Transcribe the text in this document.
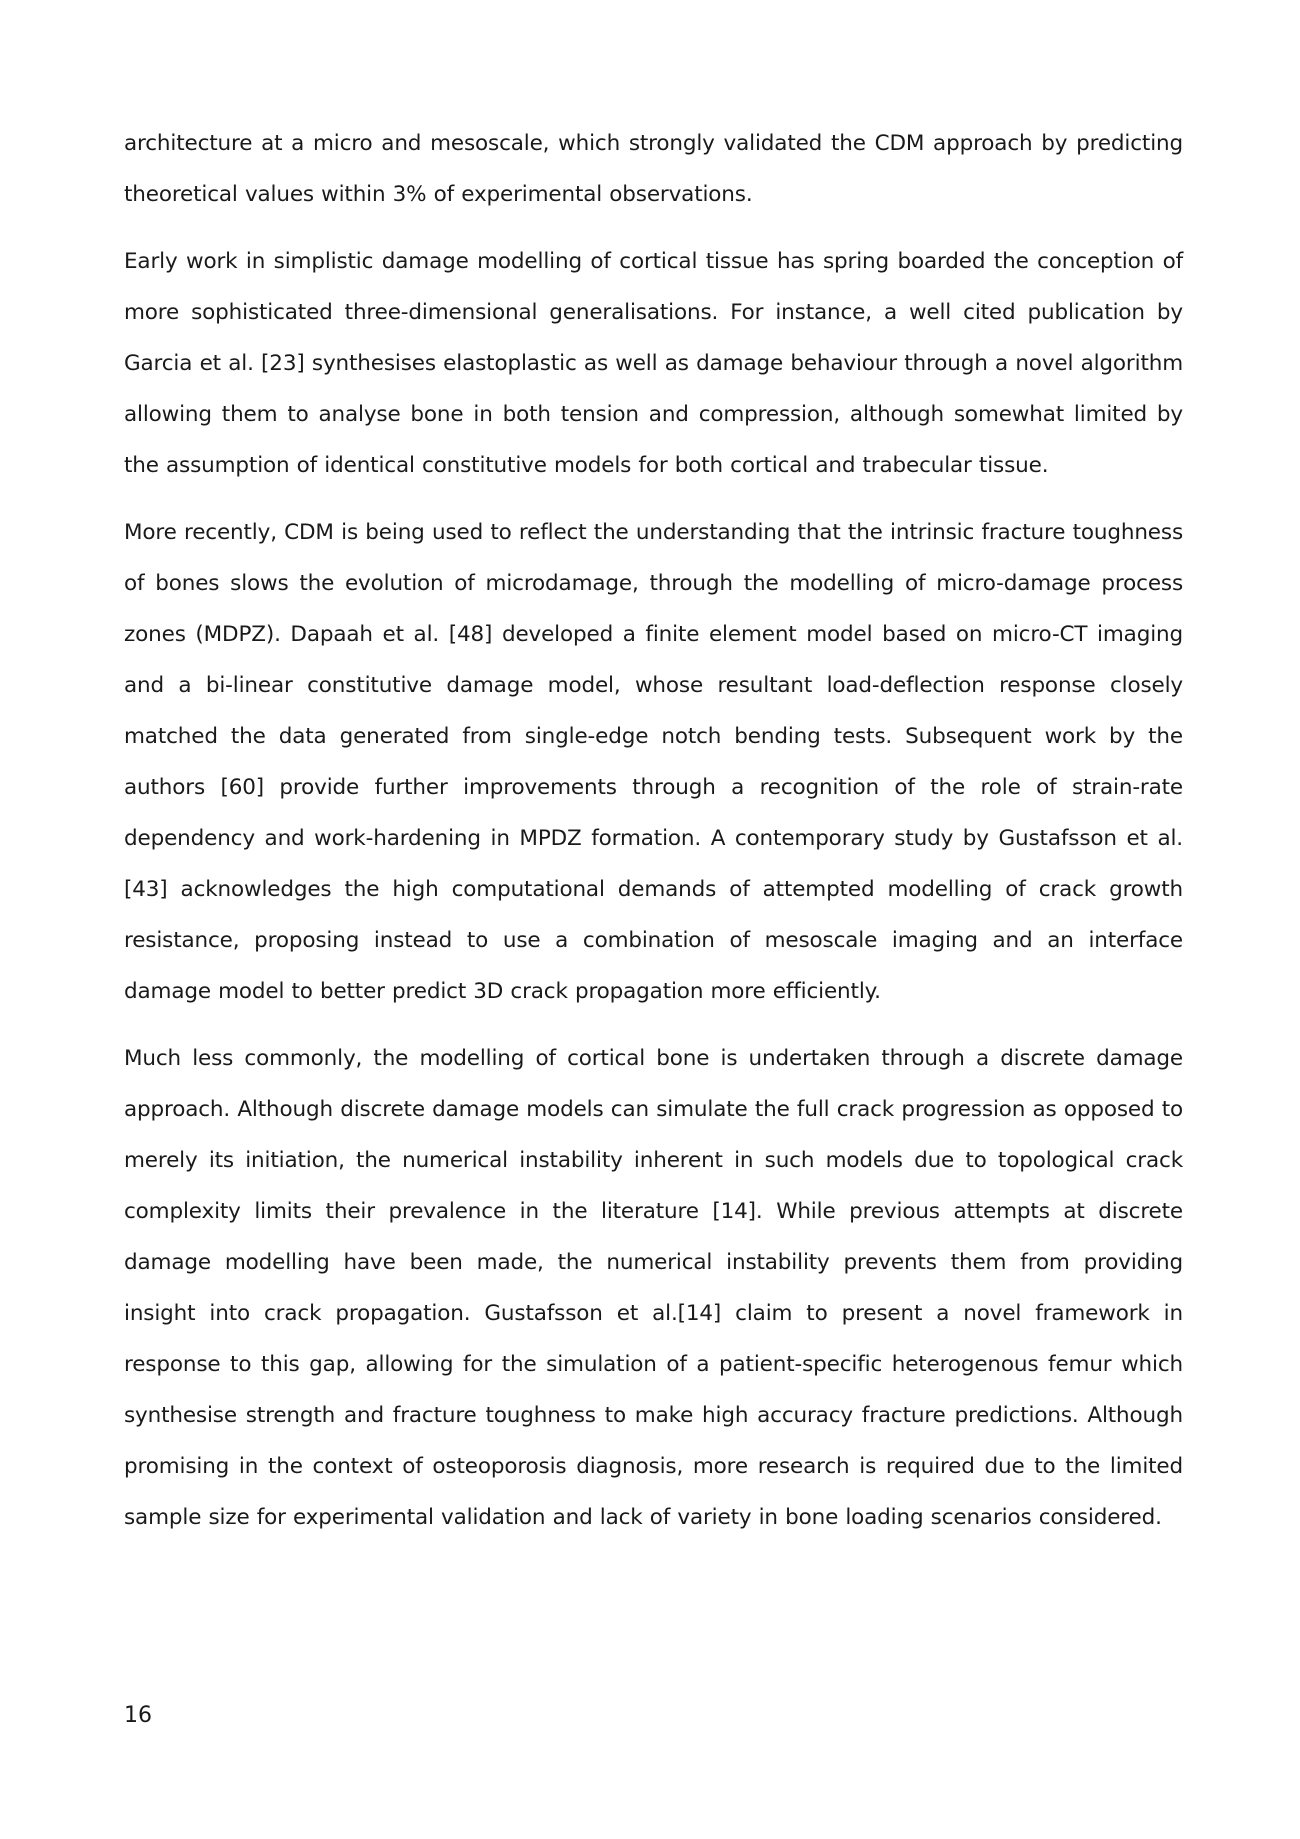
architecture at a micro and mesoscale, which strongly validated the CDM approach by predicting theoretical values within 3% of experimental observations.

Early work in simplistic damage modelling of cortical tissue has spring boarded the conception of more sophisticated three-dimensional generalisations. For instance, a well cited publication by Garcia et al. [23] synthesises elastoplastic as well as damage behaviour through a novel algorithm allowing them to analyse bone in both tension and compression, although somewhat limited by the assumption of identical constitutive models for both cortical and trabecular tissue.

More recently, CDM is being used to reflect the understanding that the intrinsic fracture toughness of bones slows the evolution of microdamage, through the modelling of micro-damage process zones (MDPZ). Dapaah et al. [48] developed a finite element model based on micro-CT imaging and a bi-linear constitutive damage model, whose resultant load-deflection response closely matched the data generated from single-edge notch bending tests. Subsequent work by the authors [60] provide further improvements through a recognition of the role of strain-rate dependency and work-hardening in MPDZ formation. A contemporary study by Gustafsson et al. [43] acknowledges the high computational demands of attempted modelling of crack growth resistance, proposing instead to use a combination of mesoscale imaging and an interface damage model to better predict 3D crack propagation more efficiently.

Much less commonly, the modelling of cortical bone is undertaken through a discrete damage approach. Although discrete damage models can simulate the full crack progression as opposed to merely its initiation, the numerical instability inherent in such models due to topological crack complexity limits their prevalence in the literature [14]. While previous attempts at discrete damage modelling have been made, the numerical instability prevents them from providing insight into crack propagation. Gustafsson et al.[14] claim to present a novel framework in response to this gap, allowing for the simulation of a patient-specific heterogenous femur which synthesise strength and fracture toughness to make high accuracy fracture predictions. Although promising in the context of osteoporosis diagnosis, more research is required due to the limited sample size for experimental validation and lack of variety in bone loading scenarios considered.

16
